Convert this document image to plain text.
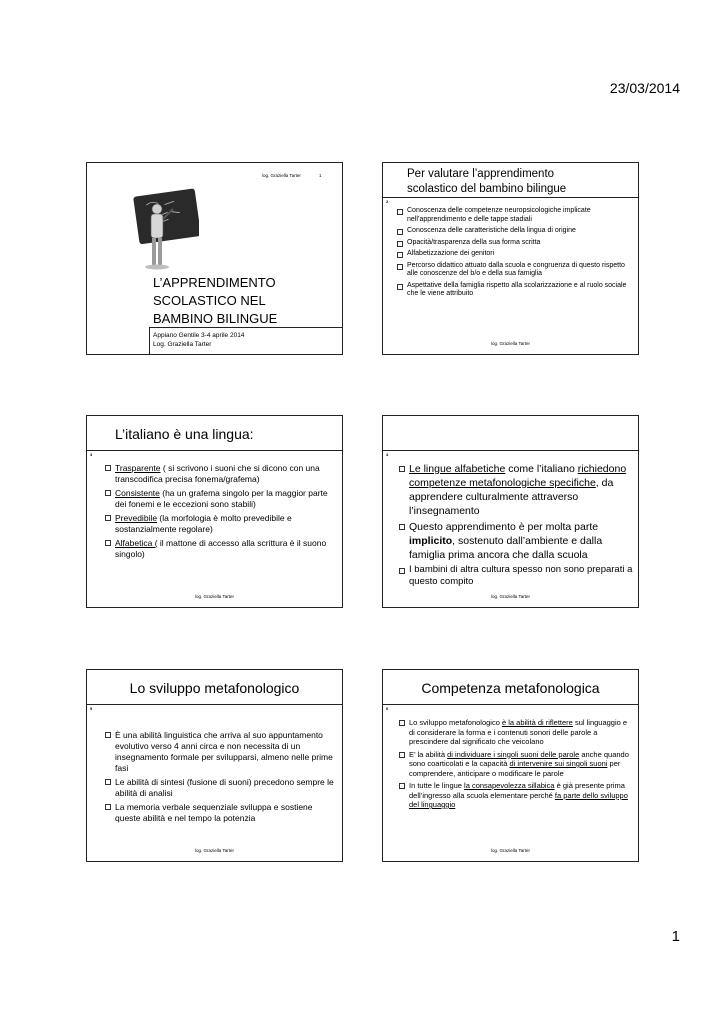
23/03/2014
log. Graziella Tarter	1
L’APPRENDIMENTO
SCOLASTICO NEL
BAMBINO BILINGUE
Appiano Gentile 3-4 aprile 2014
Log. Graziella Tarter
2
Per valutare l’apprendimento
scolastico del bambino bilingue
Conoscenza delle competenze neuropsicologiche implicate nell’apprendimento e delle tappe stadiali
Conoscenza delle caratteristiche della lingua di origine
Opacità/trasparenza della sua forma scritta
Alfabetizzazione dei genitori
Percorso didattico attuato dalla scuola e congruenza di questo rispetto alle conoscenze del b/o e della sua famiglia
Aspettative della famiglia rispetto alla scolarizzazione e al ruolo sociale che le viene attribuito
log. Graziella Tarter
3
L’italiano è una lingua:
Trasparente ( si scrivono i suoni che si dicono con una transcodifica precisa fonema/grafema)
Consistente (ha un grafema singolo per la maggior parte dei fonemi e le eccezioni sono stabili)
Prevedibile (la morfologia è molto prevedibile e sostanzialmente regolare)
Alfabetica ( il mattone di accesso alla scrittura è il suono singolo)
log. Graziella Tarter
4
Le lingue alfabetiche come l’italiano richiedono competenze metafonologiche specifiche, da apprendere culturalmente attraverso l’insegnamento
Questo apprendimento è per molta parte implicito, sostenuto dall’ambiente e dalla famiglia prima ancora che dalla scuola
I bambini di altra cultura spesso non sono preparati a questo compito
log. Graziella Tarter
5
Lo sviluppo metafonologico
È una abilità linguistica che arriva al suo appuntamento evolutivo verso 4 anni circa e non necessita di un insegnamento formale per svilupparsi, almeno nelle prime fasi
Le abilità di sintesi (fusione di suoni) precedono sempre le abilità di analisi
La memoria verbale sequenziale sviluppa e sostiene queste abilità e nel tempo la potenzia
log. Graziella Tarter
6
Competenza metafonologica
Lo sviluppo metafonologico è la abilità di riflettere sul linguaggio e di considerare la forma e i contenuti sonori delle parole a prescindere dal significato che veicolano
E’ la abilità di individuare i singoli suoni delle parole anche quando sono coarticolati e la capacità di intervenire sui singoli suoni per comprendere, anticipare o modificare le parole
In tutte le lingue la consapevolezza sillabica è già presente prima dell’ingresso alla scuola elementare perché fa parte dello sviluppo del linguaggio
log. Graziella Tarter
1
